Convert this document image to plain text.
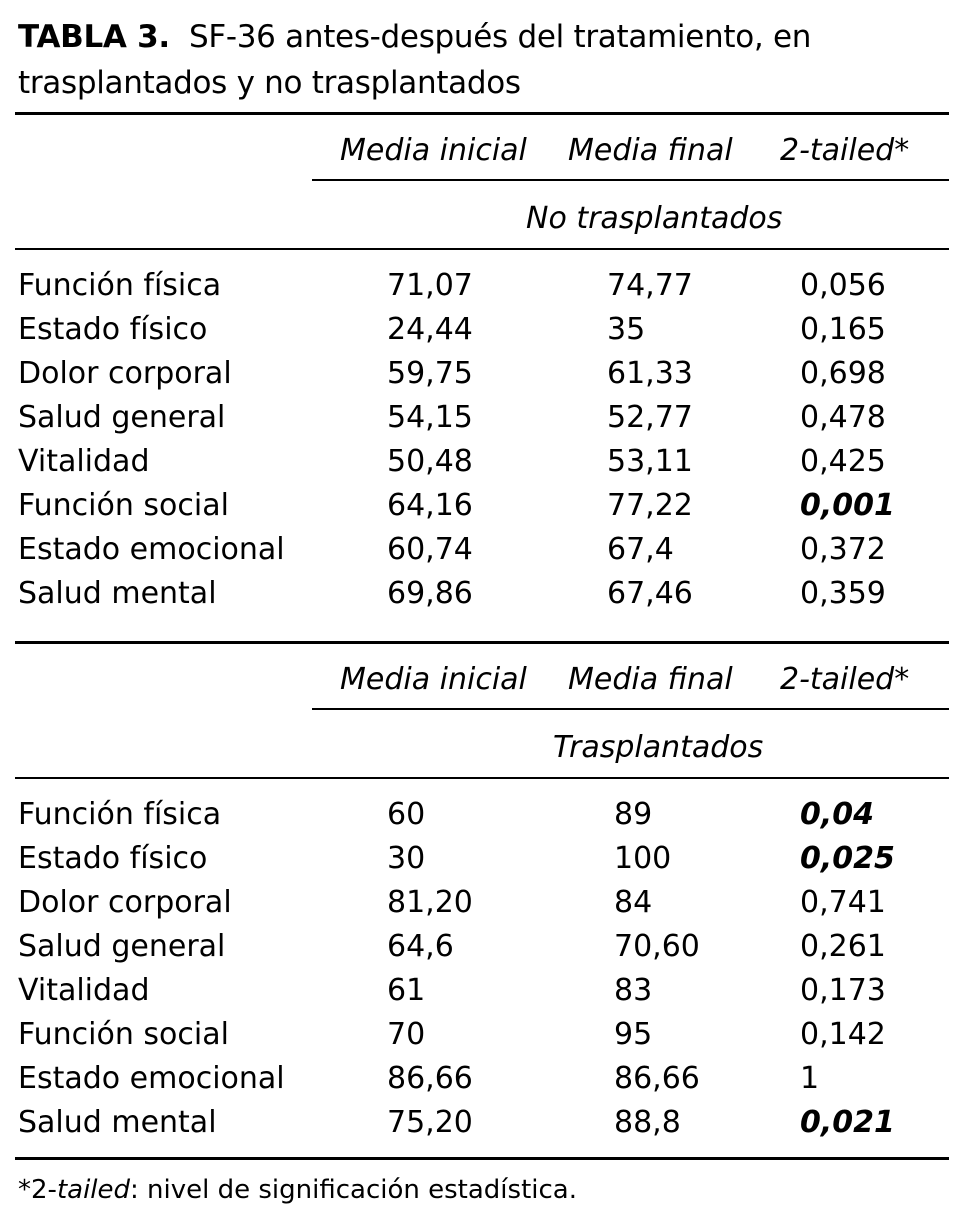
TABLA 3. SF-36 antes-después del tratamiento, en trasplantados y no trasplantados
Media inicial Media final 2-tailed*
No trasplantados
Función física	71,07	74,77	0,056
Estado físico	24,44	35	0,165
Dolor corporal	59,75	61,33	0,698
Salud general	54,15	52,77	0,478
Vitalidad	50,48	53,11	0,425
Función social	64,16	77,22	0,001
Estado emocional	60,74	67,4	0,372
Salud mental	69,86	67,46	0,359
Media inicial Media final 2-tailed*
Trasplantados
Función física	60	89	0,04
Estado físico	30	100	0,025
Dolor corporal	81,20	84	0,741
Salud general	64,6	70,60	0,261
Vitalidad	61	83	0,173
Función social	70	95	0,142
Estado emocional	86,66	86,66	1
Salud mental	75,20	88,8	0,021
*2-tailed: nivel de significación estadística.
